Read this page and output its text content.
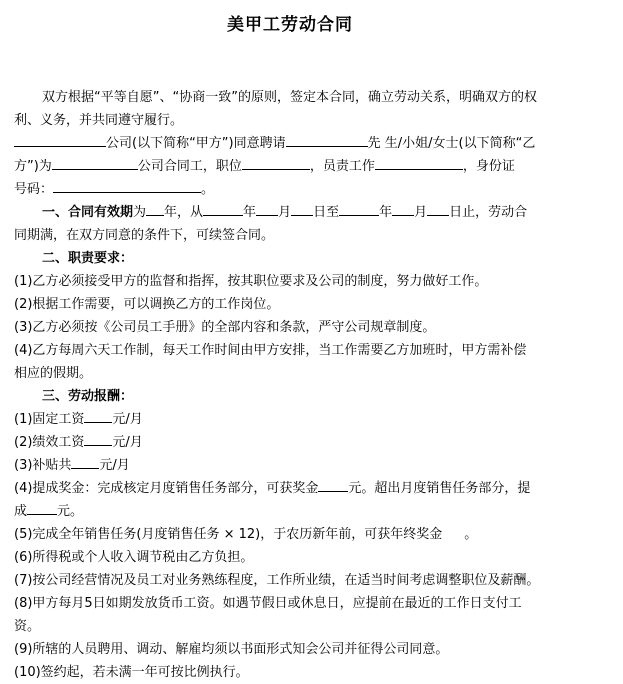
美甲工劳动合同
双方根据“平等自愿”、“协商一致”的原则，签定本合同，确立劳动关系，明确双方的权
利、义务，并共同遵守履行。
公司(以下简称“甲方”)同意聘请	先 生/小姐/女士(以下简称“乙
方”)为	公司合同工，职位	，员责工作	，身份证
号码：	。
一、合同有效期为 年，从	年 月 日至	年 月 日止，劳动合
同期满，在双方同意的条件下，可续签合同。
二、职责要求：
(1)乙方必须接受甲方的监督和指挥，按其职位要求及公司的制度，努力做好工作。
(2)根据工作需要，可以调换乙方的工作岗位。
(3)乙方必须按《公司员工手册》的全部内容和条款，严守公司规章制度。
(4)乙方每周六天工作制，每天工作时间由甲方安排，当工作需要乙方加班时，甲方需补偿
相应的假期。
三、劳动报酬：
(1)固定工资 元/月
(2)绩效工资 元/月
(3)补贴共 元/月
(4)提成奖金：完成核定月度销售任务部分，可获奖金 元。超出月度销售任务部分，提
成 元。
(5)完成全年销售任务(月度销售任务 × 12)，于农历新年前，可获年终奖金 。
(6)所得税或个人收入调节税由乙方负担。
(7)按公司经营情况及员工对业务熟练程度，工作所业绩，在适当时间考虑调整职位及薪酬。
(8)甲方每月5日如期发放货币工资。如遇节假日或休息日，应提前在最近的工作日支付工
资。
(9)所辖的人员聘用、调动、解雇均须以书面形式知会公司并征得公司同意。
(10)签约起，若未满一年可按比例执行。
